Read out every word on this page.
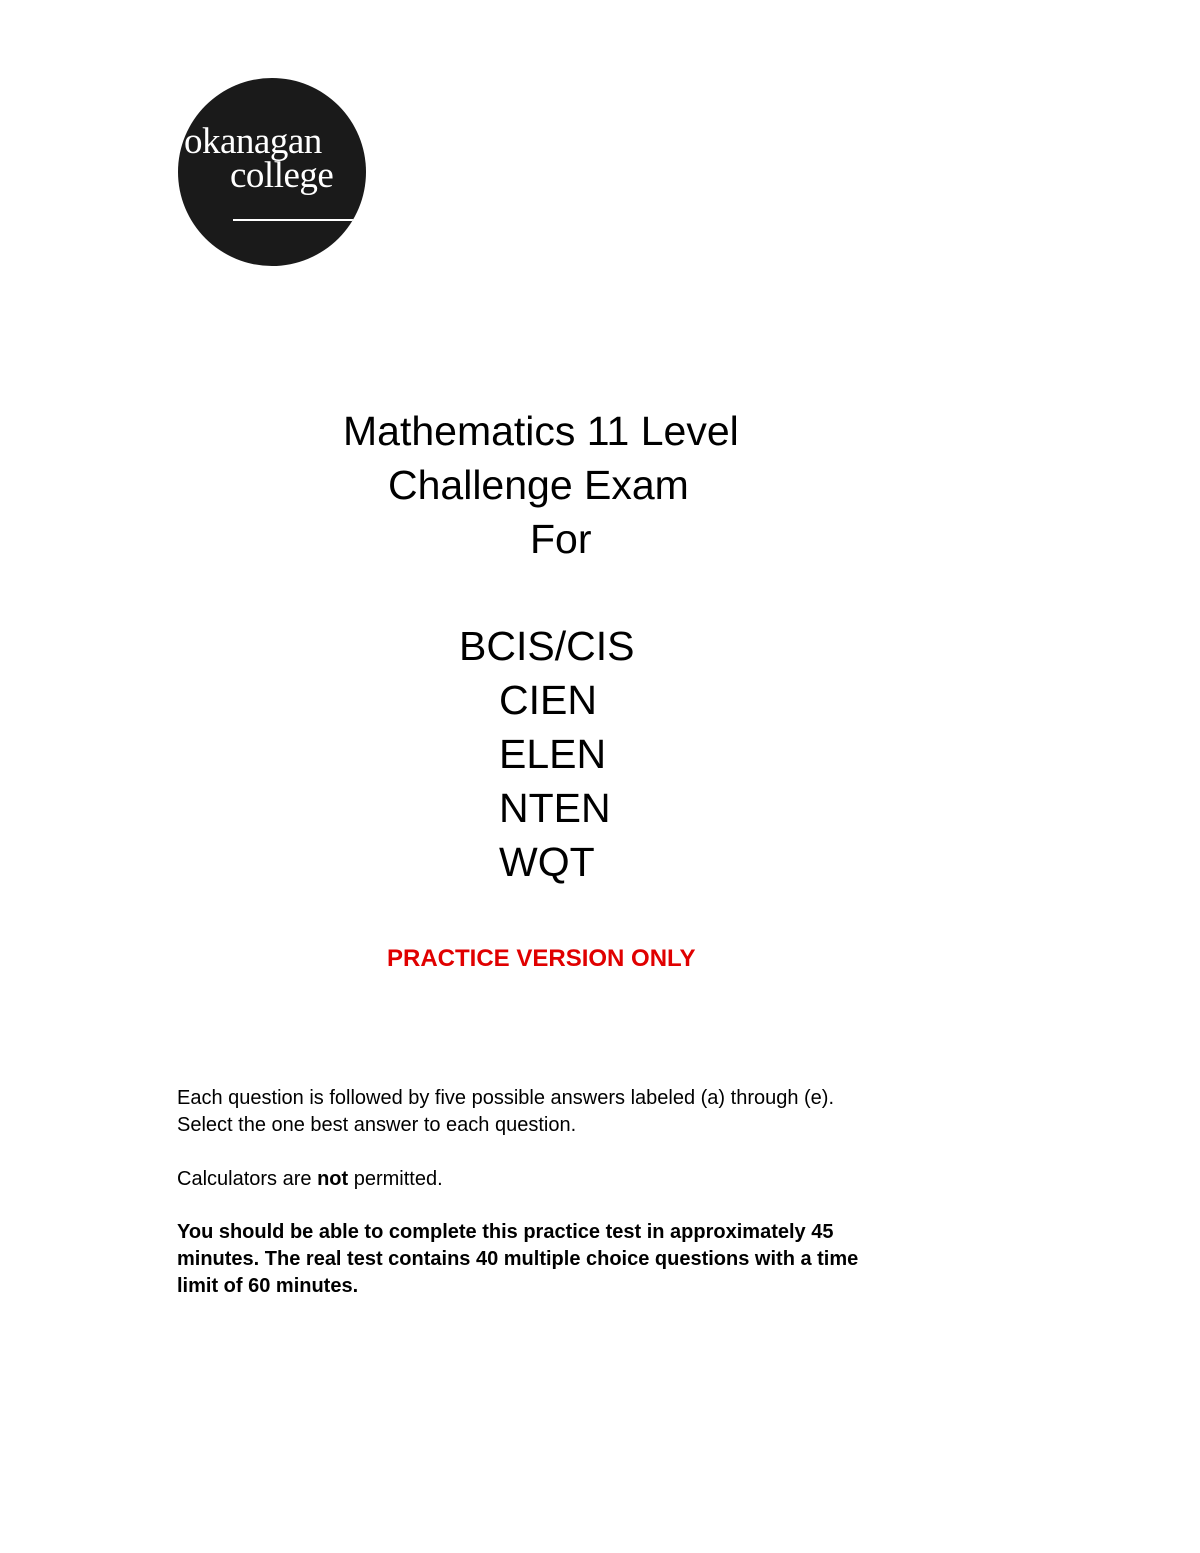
okanagan
college
Mathematics 11 Level
Challenge Exam
For
BCIS/CIS
CIEN
ELEN
NTEN
WQT
PRACTICE VERSION ONLY
Each question is followed by five possible answers labeled (a) through (e).
Select the one best answer to each question.
Calculators are not permitted.
You should be able to complete this practice test in approximately 45
minutes. The real test contains 40 multiple choice questions with a time
limit of 60 minutes.
